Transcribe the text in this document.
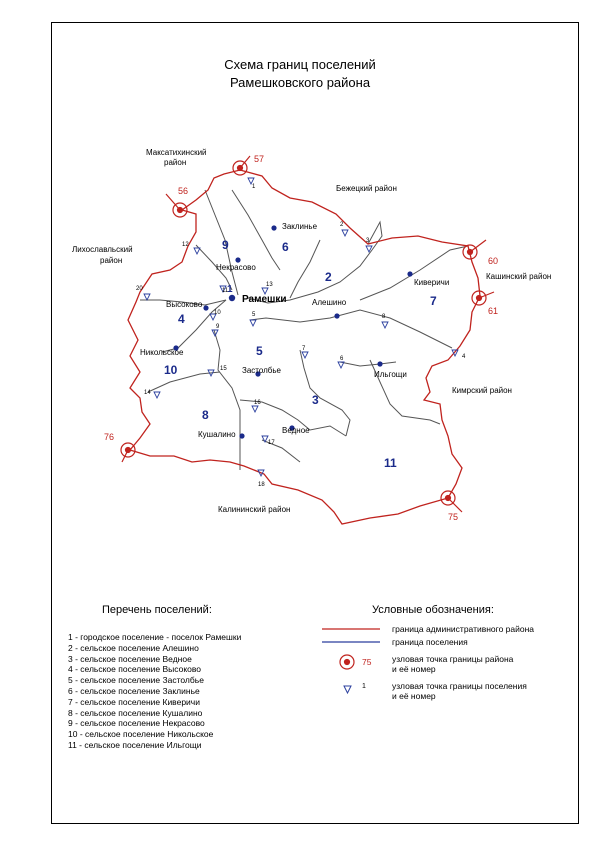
Схема границ поселений
Рамешковского района
Максатихинский
район
Бежецкий район
Лихославльский
район
Кашинский район
Кимрский район
Калининский район
Рамешки
Заклинье
Некрасово
Алешино
Киверичи
Высоково
Никольское
Застолбье	Ильгощи
Кушалино	Ведное
1
2
3
4
5
6
7
8
9
10
11
56
57
60
61
75
76
1
2
3
4
5
6
7
8
9
10
11
12
13
14
15
16
17
18
20
Перечень поселений:
1 - городское поселение - поселок Рамешки
2 - сельское поселение Алешино
3 - сельское поселение Ведное
4 - сельское поселение Высоково
5 - сельское поселение Застолбье
6 - сельское поселение Заклинье
7 - сельское поселение Киверичи
8 - сельское поселение Кушалино
9 - сельское поселение Некрасово
10 - сельское поселение Никольское
11 - сельское поселение Ильгощи
Условные обозначения:
граница административного района
граница поселения
75 узловая точка границы района
и её номер
1	узловая точка границы поселения
и её номер
